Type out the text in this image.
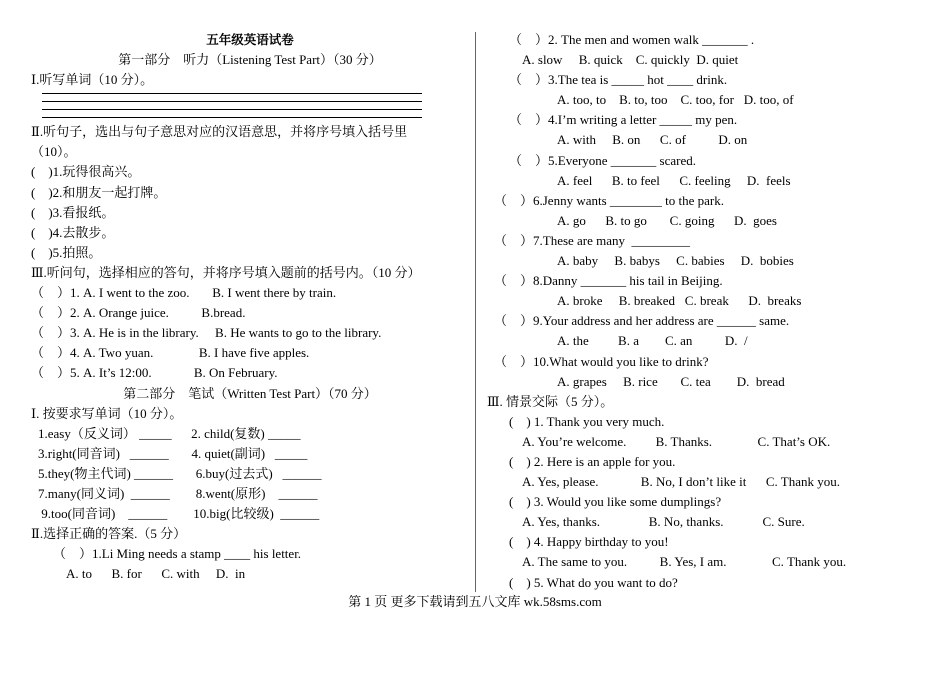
五年级英语试卷
第一部分　听力（Listening Test Part）（30 分）
Ⅰ.听写单词（10 分）。
Ⅱ.听句子，选出与句子意思对应的汉语意思，并将序号填入括号里
（10）。
(    )1.玩得很高兴。
(    )2.和朋友一起打牌。
(    )3.看报纸。
(    )4.去散步。
(    )5.拍照。
Ⅲ.听问句，选择相应的答句，并将序号填入题前的括号内。（10 分）
（    ）1. A. I went to the zoo.       B. I went there by train.
（    ）2. A. Orange juice.          B.bread.
（    ）3. A. He is in the library.     B. He wants to go to the library.
（    ）4. A. Two yuan.              B. I have five apples.
（    ）5. A. It’s 12:00.             B. On February.
第二部分　笔试（Written Test Part）（70 分）
Ⅰ. 按要求写单词（10 分）。
1.easy（反义词） _____      2. child(复数) _____
3.right(同音词)   ______       4. quiet(副词)   _____
5.they(物主代词) ______       6.buy(过去式)   ______
7.many(同义词)  ______        8.went(原形)    ______
9.too(同音词)    ______        10.big(比较级)  ______
Ⅱ.选择正确的答案.（5 分）
（    ）1.Li Ming needs a stamp ____ his letter.
A. to      B. for      C. with     D.  in
（    ）2. The men and women walk _______ .
A. slow     B. quick    C. quickly  D. quiet
（    ）3.The tea is _____ hot ____ drink.
A. too, to    B. to, too    C. too, for   D. too, of
（    ）4.I’m writing a letter _____ my pen.
A. with     B. on      C. of          D. on
（    ）5.Everyone _______ scared.
A. feel      B. to feel      C. feeling     D.  feels
（    ）6.Jenny wants ________ to the park.
A. go      B. to go       C. going      D.  goes
（    ）7.These are many  _________
A. baby     B. babys     C. babies     D.  bobies
（    ）8.Danny _______ his tail in Beijing.
A. broke     B. breaked   C. break      D.  breaks
（    ）9.Your address and her address are ______ same.
A. the         B. a        C. an          D.  /
（    ）10.What would you like to drink?
A. grapes     B. rice       C. tea        D.  bread
Ⅲ. 情景交际（5 分）。
(    ) 1. Thank you very much.
A. You’re welcome.         B. Thanks.              C. That’s OK.
(    ) 2. Here is an apple for you.
A. Yes, please.             B. No, I don’t like it      C. Thank you.
(    ) 3. Would you like some dumplings?
A. Yes, thanks.               B. No, thanks.            C. Sure.
(    ) 4. Happy birthday to you!
A. The same to you.          B. Yes, I am.              C. Thank you.
(    ) 5. What do you want to do?
第 1 页 更多下载请到五八文库 wk.58sms.com
